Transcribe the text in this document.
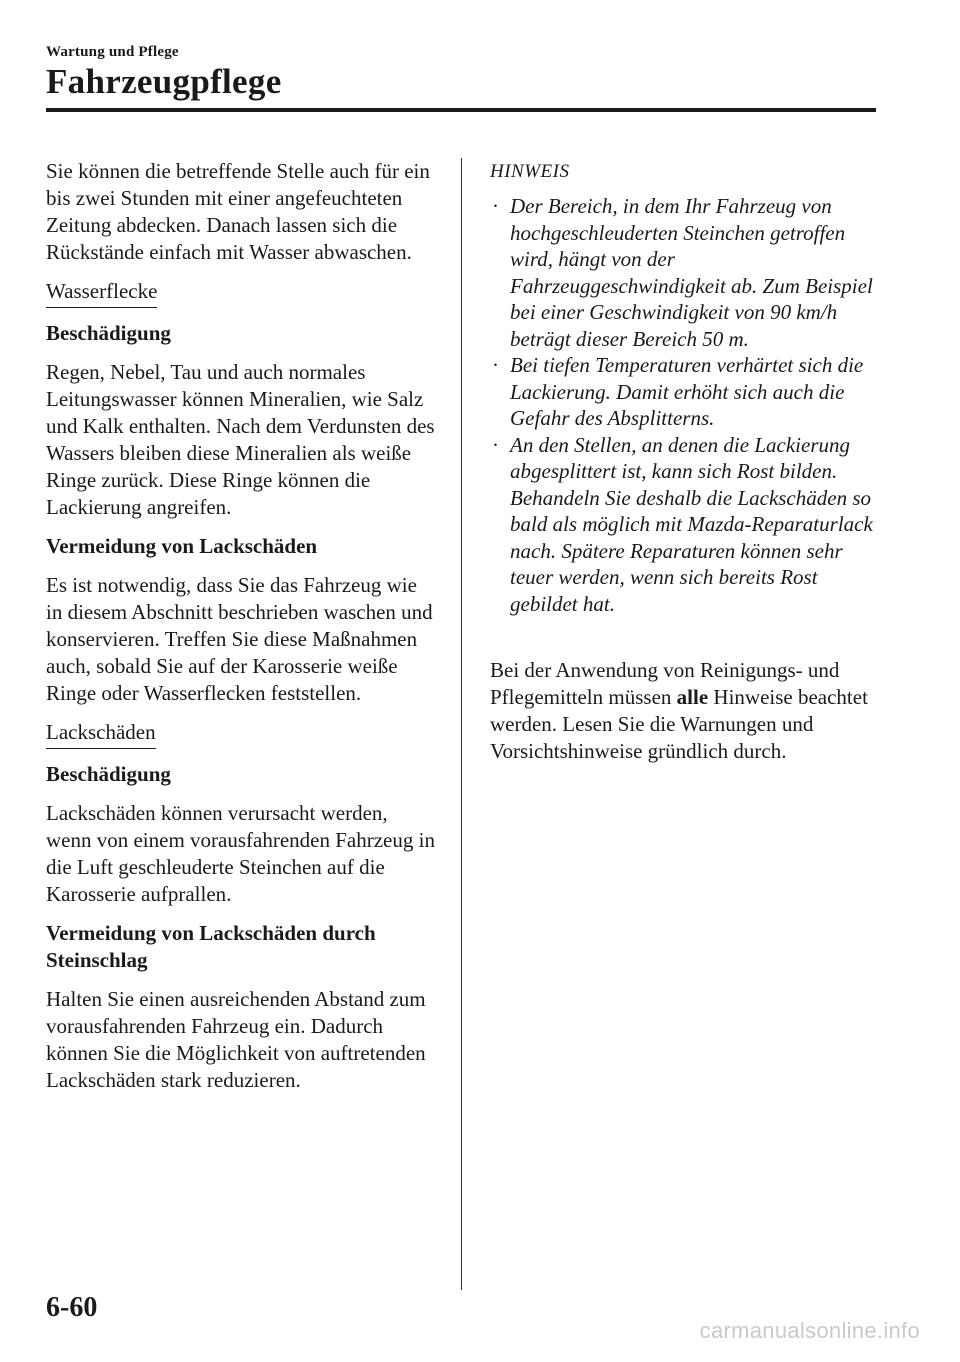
Wartung und Pflege
Fahrzeugpflege

Sie können die betreffende Stelle auch für ein bis zwei Stunden mit einer angefeuchteten Zeitung abdecken. Danach lassen sich die Rückstände einfach mit Wasser abwaschen.

Wasserflecke

Beschädigung

Regen, Nebel, Tau und auch normales Leitungswasser können Mineralien, wie Salz und Kalk enthalten. Nach dem Verdunsten des Wassers bleiben diese Mineralien als weiße Ringe zurück. Diese Ringe können die Lackierung angreifen.

Vermeidung von Lackschäden

Es ist notwendig, dass Sie das Fahrzeug wie in diesem Abschnitt beschrieben waschen und konservieren. Treffen Sie diese Maßnahmen auch, sobald Sie auf der Karosserie weiße Ringe oder Wasserflecken feststellen.

Lackschäden

Beschädigung

Lackschäden können verursacht werden, wenn von einem vorausfahrenden Fahrzeug in die Luft geschleuderte Steinchen auf die Karosserie aufprallen.

Vermeidung von Lackschäden durch Steinschlag

Halten Sie einen ausreichenden Abstand zum vorausfahrenden Fahrzeug ein. Dadurch können Sie die Möglichkeit von auftretenden Lackschäden stark reduzieren.

HINWEIS

· Der Bereich, in dem Ihr Fahrzeug von hochgeschleuderten Steinchen getroffen wird, hängt von der Fahrzeuggeschwindigkeit ab. Zum Beispiel bei einer Geschwindigkeit von 90 km/h beträgt dieser Bereich 50 m.
· Bei tiefen Temperaturen verhärtet sich die Lackierung. Damit erhöht sich auch die Gefahr des Absplitterns.
· An den Stellen, an denen die Lackierung abgesplittert ist, kann sich Rost bilden. Behandeln Sie deshalb die Lackschäden so bald als möglich mit Mazda-Reparaturlack nach. Spätere Reparaturen können sehr teuer werden, wenn sich bereits Rost gebildet hat.

Bei der Anwendung von Reinigungs- und Pflegemitteln müssen alle Hinweise beachtet werden. Lesen Sie die Warnungen und Vorsichtshinweise gründlich durch.

6-60
carmanualsonline.info
